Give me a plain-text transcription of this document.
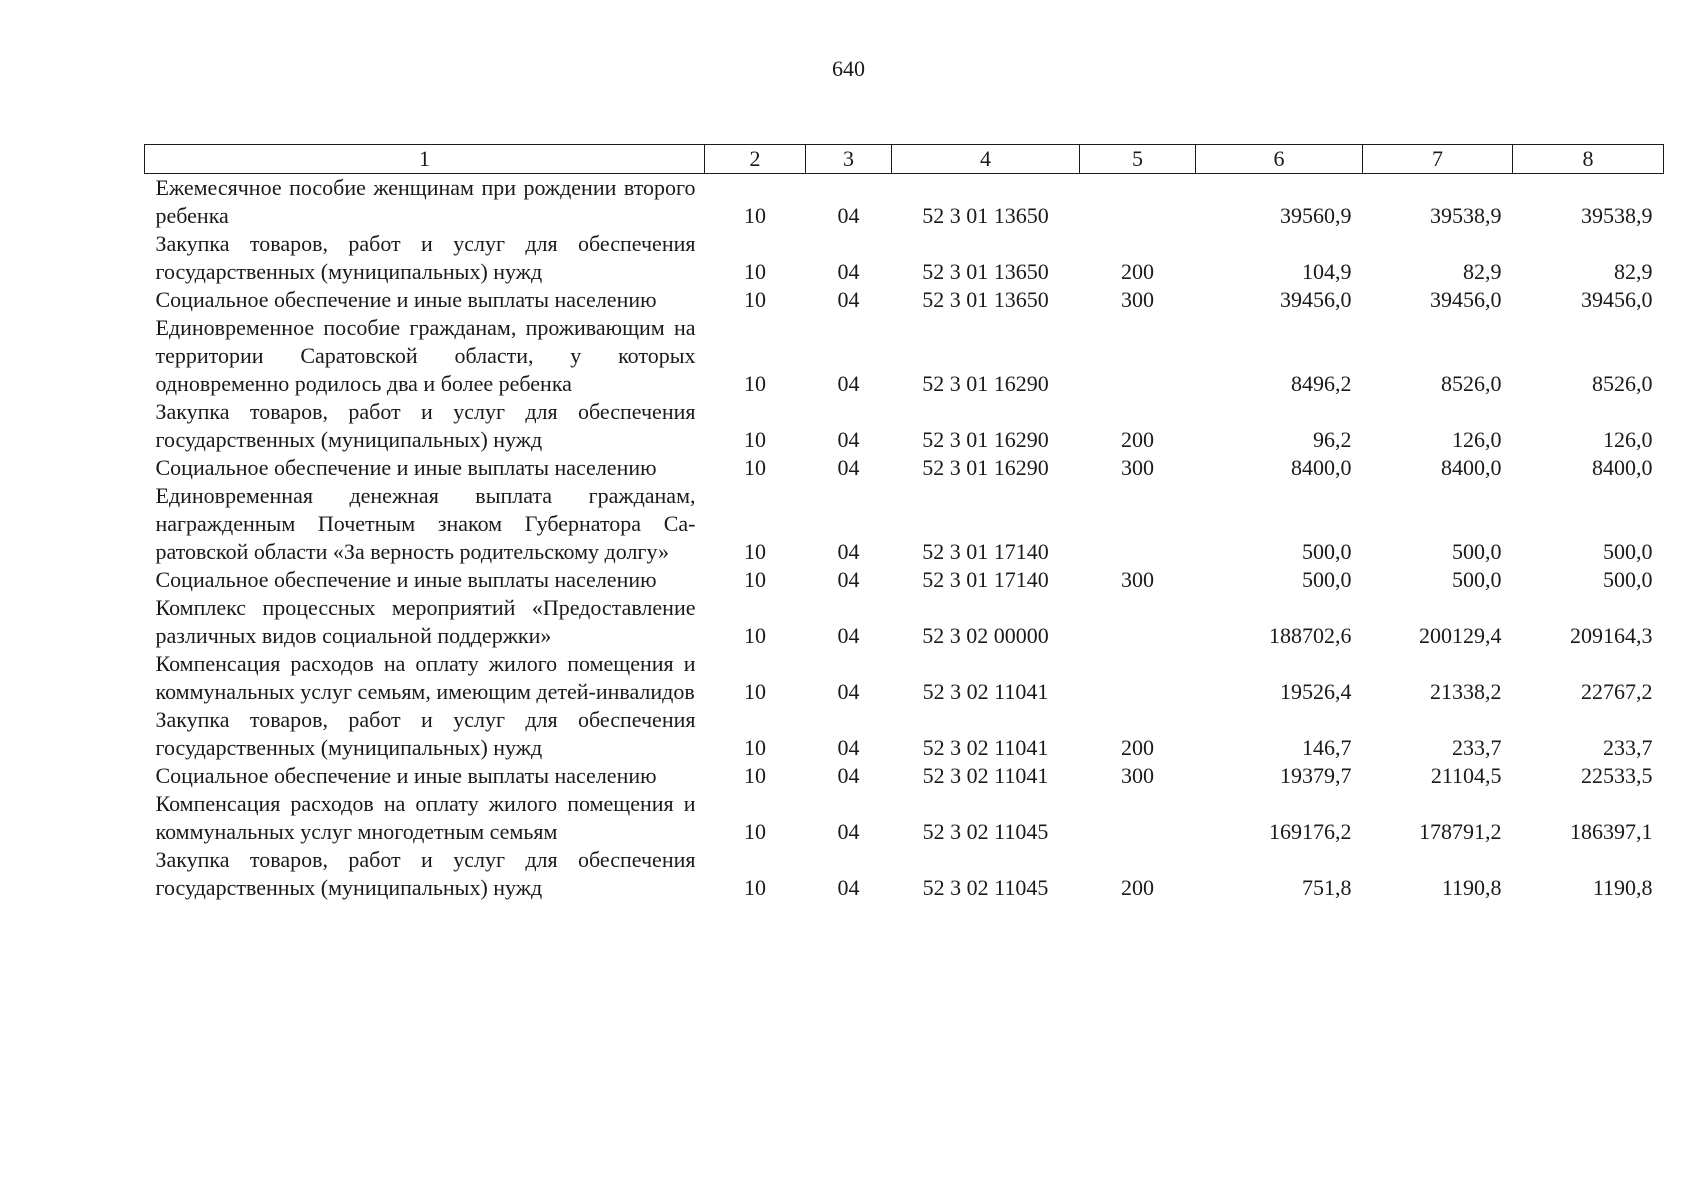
640
1	2	3	4	5	6	7	8
Ежемесячное пособие женщинам при рождении второго ребенка	10	04	52 3 01 13650		39560,9	39538,9	39538,9
Закупка товаров, работ и услуг для обеспечения государственных (муниципальных) нужд	10	04	52 3 01 13650	200	104,9	82,9	82,9
Социальное обеспечение и иные выплаты населению	10	04	52 3 01 13650	300	39456,0	39456,0	39456,0
Единовременное пособие гражданам, проживающим на территории Саратовской области, у которых одновременно родилось два и более ребенка	10	04	52 3 01 16290		8496,2	8526,0	8526,0
Закупка товаров, работ и услуг для обеспечения государственных (муниципальных) нужд	10	04	52 3 01 16290	200	96,2	126,0	126,0
Социальное обеспечение и иные выплаты населению	10	04	52 3 01 16290	300	8400,0	8400,0	8400,0
Единовременная денежная выплата гражданам, награжденным Почетным знаком Губернатора Саратовской области «За верность родительскому долгу»	10	04	52 3 01 17140		500,0	500,0	500,0
Социальное обеспечение и иные выплаты населению	10	04	52 3 01 17140	300	500,0	500,0	500,0
Комплекс процессных мероприятий «Предоставление различных видов социальной поддержки»	10	04	52 3 02 00000		188702,6	200129,4	209164,3
Компенсация расходов на оплату жилого помещения и коммунальных услуг семьям, имеющим детей-инвалидов	10	04	52 3 02 11041		19526,4	21338,2	22767,2
Закупка товаров, работ и услуг для обеспечения государственных (муниципальных) нужд	10	04	52 3 02 11041	200	146,7	233,7	233,7
Социальное обеспечение и иные выплаты населению	10	04	52 3 02 11041	300	19379,7	21104,5	22533,5
Компенсация расходов на оплату жилого помещения и коммунальных услуг многодетным семьям	10	04	52 3 02 11045		169176,2	178791,2	186397,1
Закупка товаров, работ и услуг для обеспечения государственных (муниципальных) нужд	10	04	52 3 02 11045	200	751,8	1190,8	1190,8
